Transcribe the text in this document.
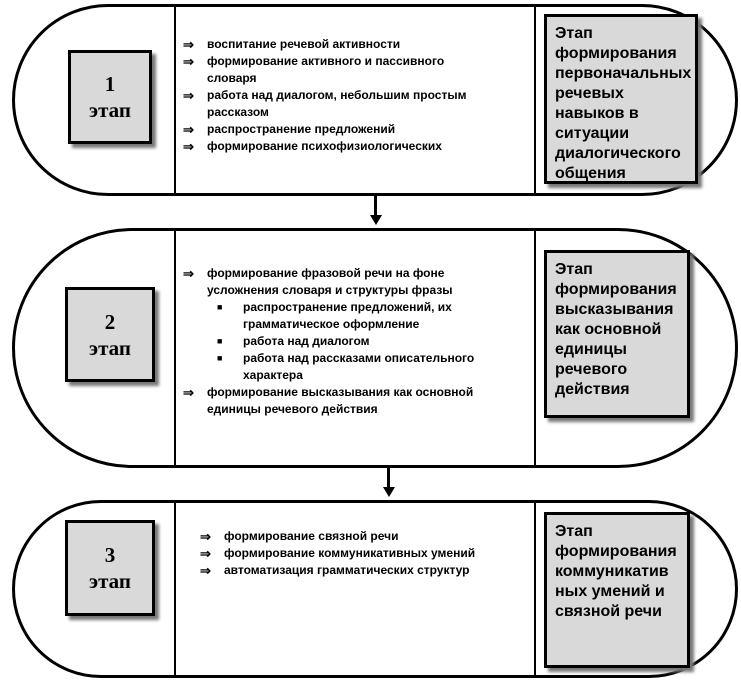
1
этап
⇒	воспитание речевой активности
⇒	формирование активного и пассивного
словаря
⇒	работа над диалогом, небольшим простым
рассказом
⇒	распространение предложений
⇒	формирование психофизиологических
Этап
формирования
первоначальных
речевых
навыков в
ситуации
диалогического
общения
2
этап
⇒	формирование фразовой речи на фоне
усложнения словаря и структуры фразы
■	распространение предложений, их
грамматическое оформление
■	работа над диалогом
■	работа над рассказами описательного
характера
⇒	формирование высказывания как основной
единицы речевого действия
Этап
формирования
высказывания
как основной
единицы
речевого
действия
3
этап
⇒	формирование связной речи
⇒	формирование коммуникативных умений
⇒	автоматизация грамматических структур
Этап
формирования
коммуникатив
ных умений и
связной речи
